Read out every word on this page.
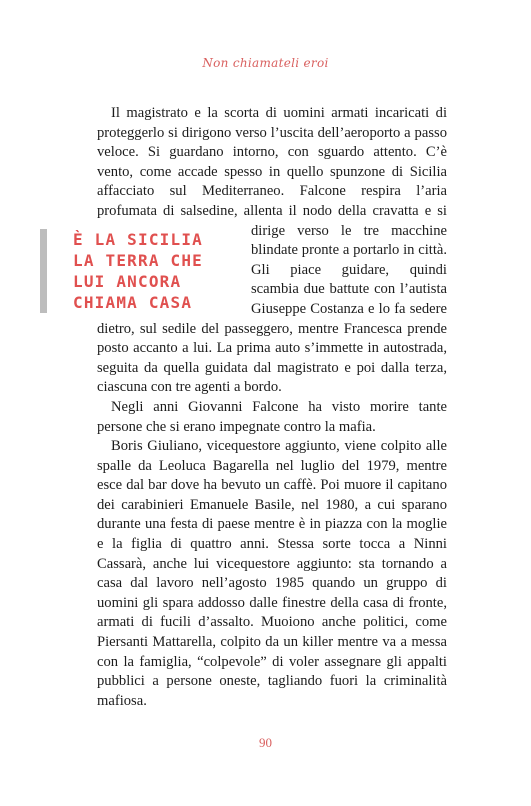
Non chiamateli eroi

Il magistrato e la scorta di uomini armati incaricati di proteggerlo si dirigono verso l’uscita dell’aeroporto a passo veloce. Si guardano intorno, con sguardo attento. C’è vento, come accade spesso in quello spunzone di Sicilia affacciato sul Mediterraneo. Falcone respira l’aria profumata di salsedine, allenta il nodo della cravatta e si dirige
È LA SICILIA
LA TERRA CHE
LUI ANCORA
CHIAMA CASA
verso le tre macchine blindate pronte a portarlo in città. Gli piace guidare, quindi scambia due battute con l’autista Giuseppe Costanza e lo fa sedere dietro, sul sedile del passeggero, mentre Francesca prende posto accanto a lui. La prima auto s’immette in autostrada, seguita da quella guidata dal magistrato e poi dalla terza, ciascuna con tre agenti a bordo.

Negli anni Giovanni Falcone ha visto morire tante persone che si erano impegnate contro la mafia.

Boris Giuliano, vicequestore aggiunto, viene colpito alle spalle da Leoluca Bagarella nel luglio del 1979, mentre esce dal bar dove ha bevuto un caffè. Poi muore il capitano dei carabinieri Emanuele Basile, nel 1980, a cui sparano durante una festa di paese mentre è in piazza con la moglie e la figlia di quattro anni. Stessa sorte tocca a Ninni Cassarà, anche lui vicequestore aggiunto: sta tornando a casa dal lavoro nell’agosto 1985 quando un gruppo di uomini gli spara addosso dalle finestre della casa di fronte, armati di fucili d’assalto. Muoiono anche politici, come Piersanti Mattarella, colpito da un killer mentre va a messa con la famiglia, “colpevole” di voler assegnare gli appalti pubblici a persone oneste, tagliando fuori la criminalità mafiosa.

90
